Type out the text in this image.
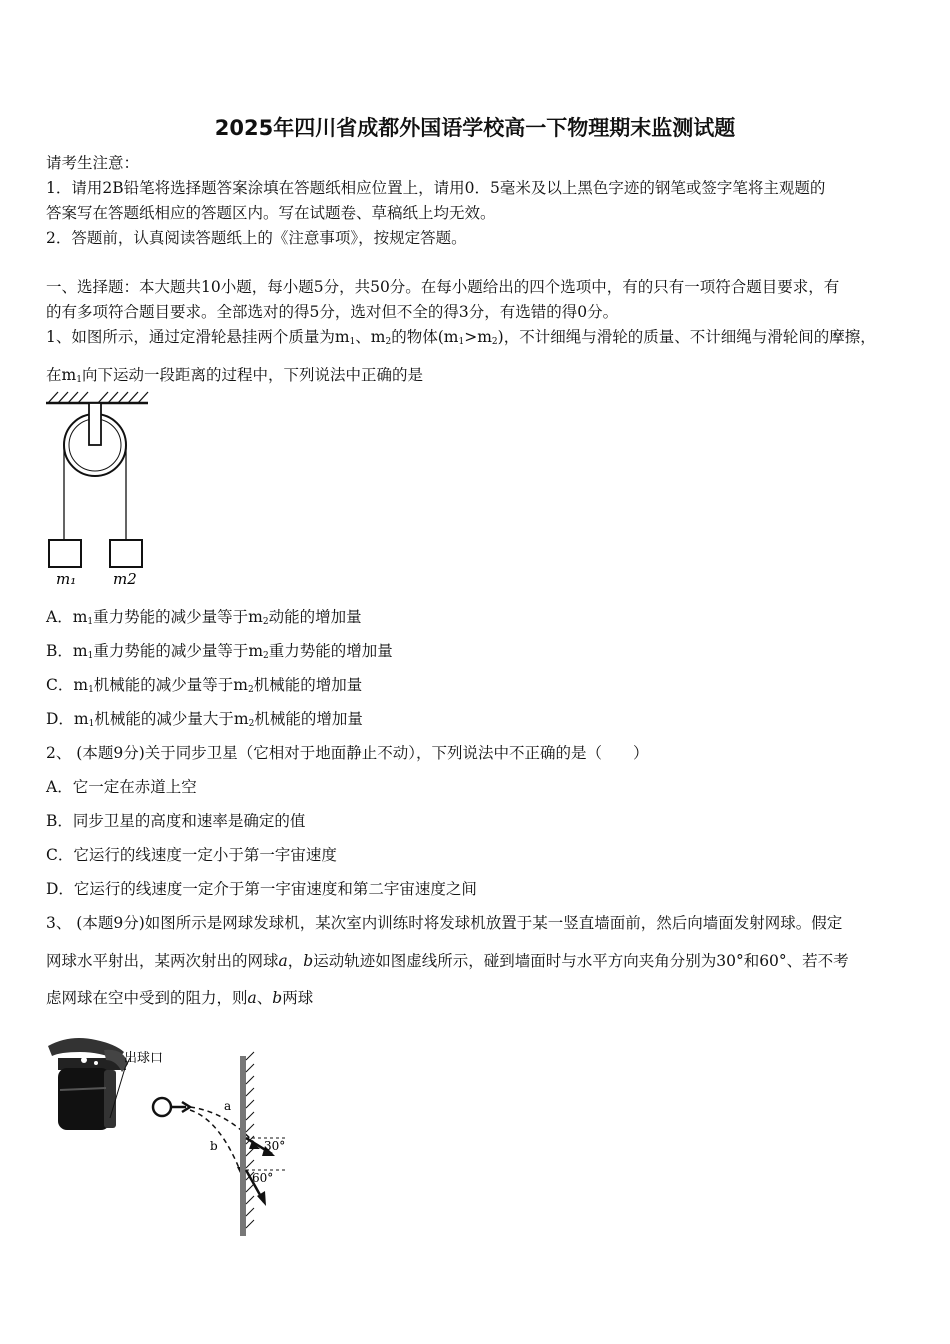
2025年四川省成都外国语学校高一下物理期末监测试题
请考生注意：
1．请用2B铅笔将选择题答案涂填在答题纸相应位置上，请用0．5毫米及以上黑色字迹的钢笔或签字笔将主观题的
答案写在答题纸相应的答题区内。写在试题卷、草稿纸上均无效。
2．答题前，认真阅读答题纸上的《注意事项》，按规定答题。
一、选择题：本大题共10小题，每小题5分，共50分。在每小题给出的四个选项中，有的只有一项符合题目要求，有
的有多项符合题目要求。全部选对的得5分，选对但不全的得3分，有选错的得0分。
1、如图所示，通过定滑轮悬挂两个质量为$m_1$、$m_2$的物体$(m_1>m_2)$，不计细绳与滑轮的质量、不计细绳与滑轮间的摩擦，
在$m_1$向下运动一段距离的过程中，下列说法中正确的是
m₁ m2
A．$m_1$重力势能的减少量等于$m_2$动能的增加量
B．$m_1$重力势能的减少量等于$m_2$重力势能的增加量
C．$m_1$机械能的减少量等于$m_2$机械能的增加量
D．$m_1$机械能的减少量大于$m_2$机械能的增加量
2、 (本题9分)关于同步卫星（它相对于地面静止不动），下列说法中不正确的是（　　）
A．它一定在赤道上空
B．同步卫星的高度和速率是确定的值
C．它运行的线速度一定小于第一宇宙速度
D．它运行的线速度一定介于第一宇宙速度和第二宇宙速度之间
3、 (本题9分)如图所示是网球发球机，某次室内训练时将发球机放置于某一竖直墙面前，然后向墙面发射网球。假定
网球水平射出，某两次射出的网球a，b运动轨迹如图虚线所示，碰到墙面时与水平方向夹角分别为30°和60°、若不考
虑网球在空中受到的阻力，则a、b两球
出球口
a
b	30°
60°
